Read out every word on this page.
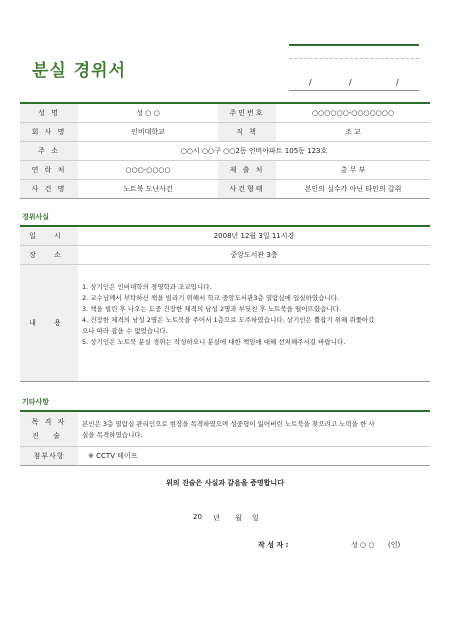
분실 경위서
/	/	/
성 명	성 ○ ○	주민번호	○○○○○○-○○○○○○○
회 사 명	인비대학교	직 책	조 교
주 소	○○시 ○○구 ○○2동 인비아파트 105동 123호
연 락 처	○○○-○○○○	제 출 처	총 무 부
사 건 명	노트북 도난사건	사건형태	본인의 실수가 아닌 타인의 갈취
경위사실
일 시	2008년 12월 3일 11시경
장 소	중앙도서관 3층
내 용
1. 상기인은 인비대학의 경영학과 조교입니다.
2. 교수님께서 부탁하신 책을 빌리기 위해서 학교 중앙도서관3층 열람실에 입실하였습니다.
3. 책을 빌린 후 나오는 도중 건장한 체격의 남성 2명과 부딪친 후 노트북을 떨어뜨렸습니다.
4. 건장한 체격의 남성 2명은 노트북을 주어서 1층으로 도주하였습니다. 상기인은 뿔잡기 위해 쥐쫓아갔
으나 따라 잡을 수 없었습니다.
5. 상기인은 노트북 분실 경위는 작성하오니 분실에 대한 책임에 대해 선처해주시길 바랍니다.
기타사항
목 격 자
진 술
본인은 3층 열람실 관리인으로 현장을 목격하였으며 성중형이 잃어버린 노트북을 찾으려고 노력을 한 사
실을 목격하였습니다.
첨부사항	※ CCTV 테이프
위의 진술은 사실과 같음을 증명합니다
20 년 월 일
작 성 자 :	성 ○ ○ (인)
